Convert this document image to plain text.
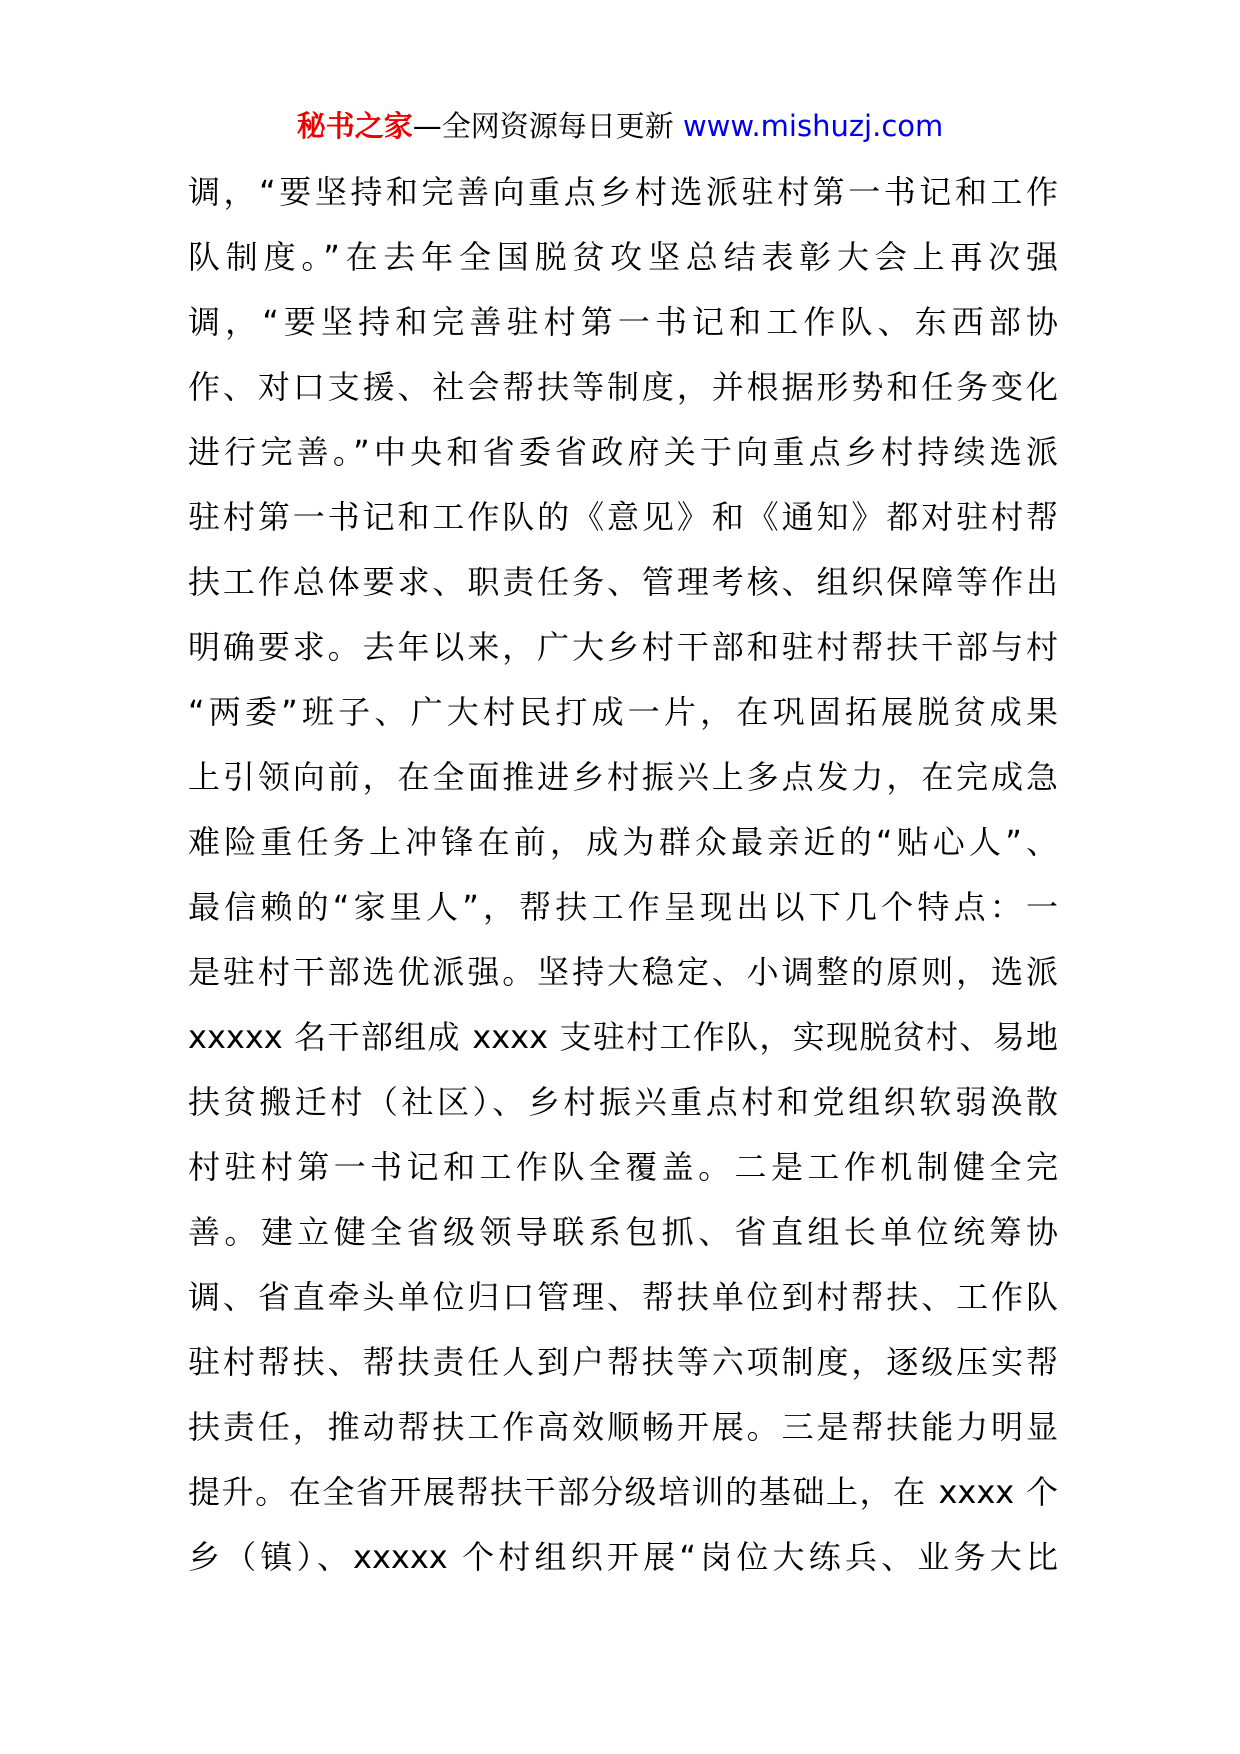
秘书之家—全网资源每日更新 www.mishuzj.com
调，“要坚持和完善向重点乡村选派驻村第一书记和工作
队制度。”在去年全国脱贫攻坚总结表彰大会上再次强
调，“要坚持和完善驻村第一书记和工作队、东西部协
作、对口支援、社会帮扶等制度，并根据形势和任务变化
进行完善。”中央和省委省政府关于向重点乡村持续选派
驻村第一书记和工作队的《意见》和《通知》都对驻村帮
扶工作总体要求、职责任务、管理考核、组织保障等作出
明确要求。去年以来，广大乡村干部和驻村帮扶干部与村
“两委”班子、广大村民打成一片，在巩固拓展脱贫成果
上引领向前，在全面推进乡村振兴上多点发力，在完成急
难险重任务上冲锋在前，成为群众最亲近的“贴心人”、
最信赖的“家里人”，帮扶工作呈现出以下几个特点：一
是驻村干部选优派强。坚持大稳定、小调整的原则，选派
xxxxx 名干部组成 xxxx 支驻村工作队，实现脱贫村、易地
扶贫搬迁村（社区）、乡村振兴重点村和党组织软弱涣散
村驻村第一书记和工作队全覆盖。二是工作机制健全完
善。建立健全省级领导联系包抓、省直组长单位统筹协
调、省直牵头单位归口管理、帮扶单位到村帮扶、工作队
驻村帮扶、帮扶责任人到户帮扶等六项制度，逐级压实帮
扶责任，推动帮扶工作高效顺畅开展。三是帮扶能力明显
提升。在全省开展帮扶干部分级培训的基础上，在 xxxx 个
乡（镇）、xxxxx 个村组织开展“岗位大练兵、业务大比
